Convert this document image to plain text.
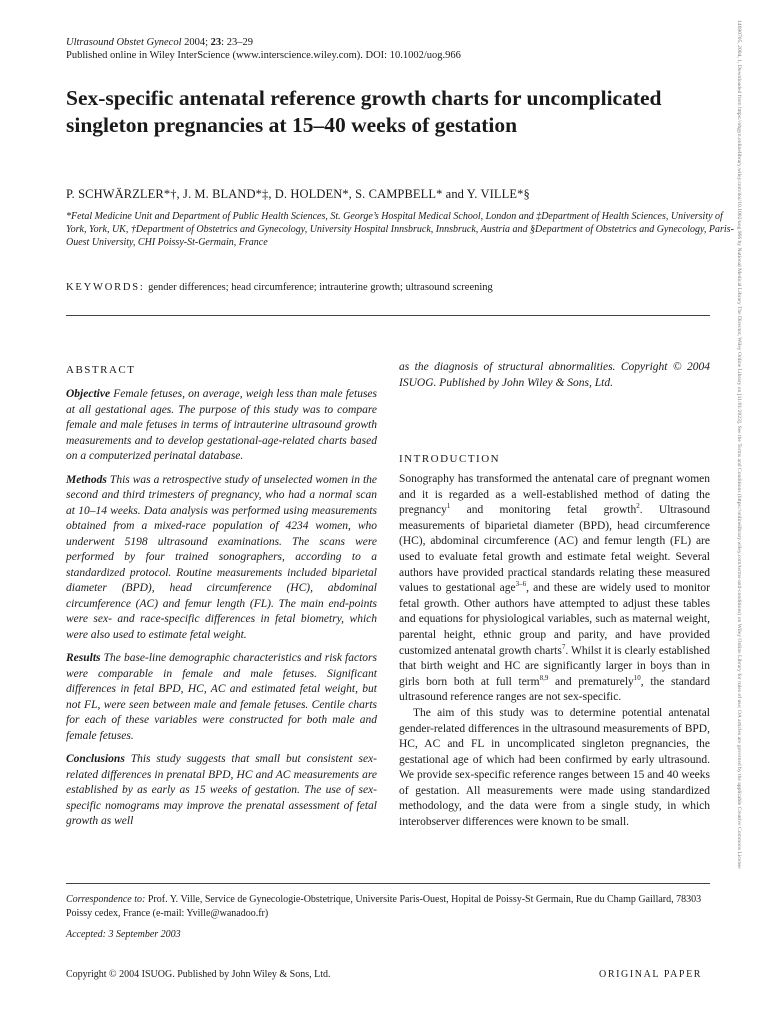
Ultrasound Obstet Gynecol 2004; 23: 23–29
Published online in Wiley InterScience (www.interscience.wiley.com). DOI: 10.1002/uog.966
Sex-specific antenatal reference growth charts for uncomplicated singleton pregnancies at 15–40 weeks of gestation
P. SCHWÄRZLER*†, J. M. BLAND*‡, D. HOLDEN*, S. CAMPBELL* and Y. VILLE*§
*Fetal Medicine Unit and Department of Public Health Sciences, St. George’s Hospital Medical School, London and ‡Department of Health Sciences, University of York, York, UK, †Department of Obstetrics and Gynecology, University Hospital Innsbruck, Innsbruck, Austria and §Department of Obstetrics and Gynecology, Paris-Ouest University, CHI Poissy-St-Germain, France
KEYWORDS:  gender differences; head circumference; intrauterine growth; ultrasound screening	14690705, 2004, 1, Downloaded from https://obgyn.onlinelibrary.wiley.com/doi/10.1002/uog.966 by National Medical Library The Director, Wiley Online Library on [11/01/2023]. See the Terms and Conditions (https://onlinelibrary.wiley.com/terms-and-conditions) on Wiley Online Library for rules of use; OA articles are governed by the applicable Creative Commons License
ABSTRACT

Objective Female fetuses, on average, weigh less than male fetuses at all gestational ages. The purpose of this study was to compare female and male fetuses in terms of intrauterine ultrasound growth measurements and to develop gestational-age-related charts based on a computerized perinatal database.

Methods This was a retrospective study of unselected women in the second and third trimesters of pregnancy, who had a normal scan at 10–14 weeks. Data analysis was performed using measurements obtained from a mixed-race population of 4234 women, who underwent 5198 ultrasound examinations. The scans were performed by four trained sonographers, according to a standardized protocol. Routine measurements included biparietal diameter (BPD), head circumference (HC), abdominal circumference (AC) and femur length (FL). The main end-points were sex- and race-specific differences in fetal biometry, which were also used to estimate fetal weight.

Results The base-line demographic characteristics and risk factors were comparable in female and male fetuses. Significant differences in fetal BPD, HC, AC and estimated fetal weight, but not FL, were seen between male and female fetuses. Centile charts for each of these variables were constructed for both male and female fetuses.

Conclusions This study suggests that small but consistent sex-related differences in prenatal BPD, HC and AC measurements are established by as early as 15 weeks of gestation. The use of sex-specific nomograms may improve the prenatal assessment of fetal growth as well

as the diagnosis of structural abnormalities. Copyright © 2004 ISUOG. Published by John Wiley & Sons, Ltd.

INTRODUCTION

Sonography has transformed the antenatal care of pregnant women and it is regarded as a well-established method of dating the pregnancy$^1$ and monitoring fetal growth$^2$. Ultrasound measurements of biparietal diameter (BPD), head circumference (HC), abdominal circumference (AC) and femur length (FL) are used to evaluate fetal growth and estimate fetal weight. Several authors have provided practical standards relating these measured values to gestational age$^{3-6}$, and these are widely used to monitor fetal growth. Other authors have attempted to adjust these tables and equations for physiological variables, such as maternal weight, parental height, ethnic group and parity, and have provided customized antenatal growth charts$^7$. Whilst it is clearly established that birth weight and HC are significantly larger in boys than in girls born both at full term$^{8,9}$ and prematurely$^{10}$, the standard ultrasound reference ranges are not sex-specific.

The aim of this study was to determine potential antenatal gender-related differences in the ultrasound measurements of BPD, HC, AC and FL in uncomplicated singleton pregnancies, the gestational age of which had been confirmed by early ultrasound. We provide sex-specific reference ranges between 15 and 40 weeks of gestation. All measurements were made using standardized methodology, and the data were from a single study, in which interobserver differences were known to be small.

Correspondence to: Prof. Y. Ville, Service de Gynecologie-Obstetrique, Universite Paris-Ouest, Hopital de Poissy-St Germain, Rue du Champ Gaillard, 78303 Poissy cedex, France (e-mail: Yville@wanadoo.fr)
Accepted: 3 September 2003
Copyright © 2004 ISUOG. Published by John Wiley & Sons, Ltd.	ORIGINAL PAPER
